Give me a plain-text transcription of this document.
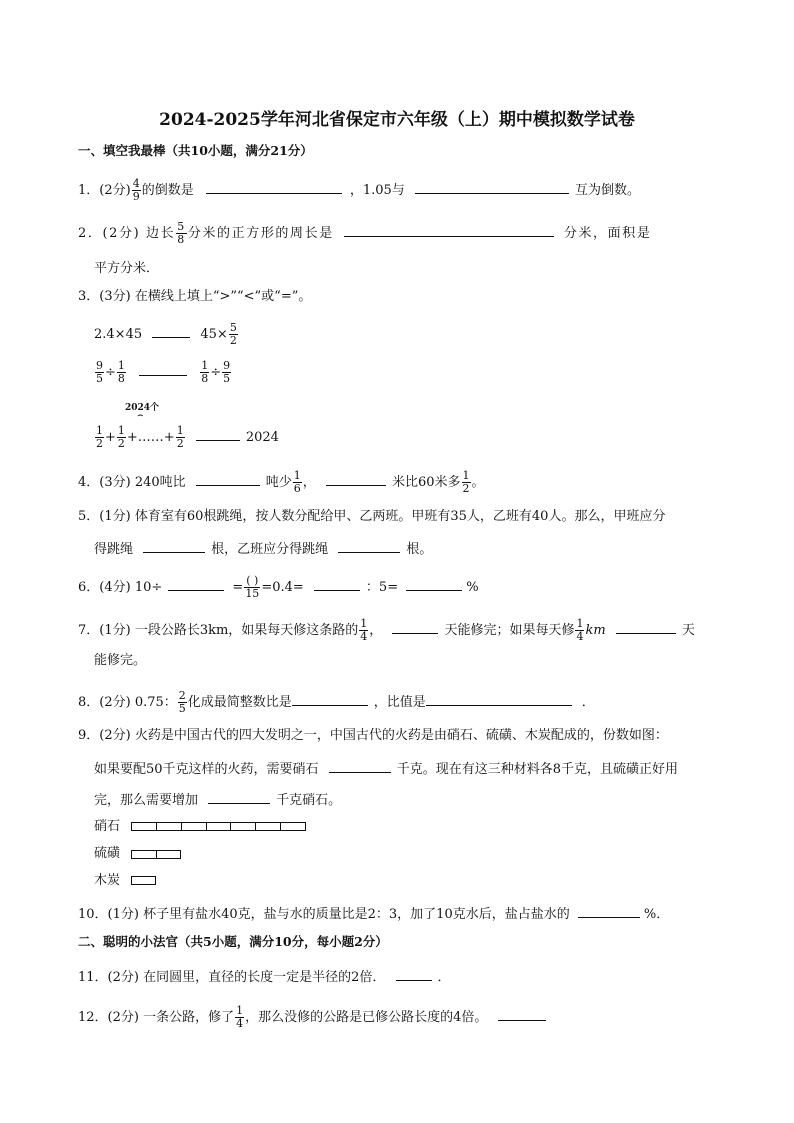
2024-2025学年河北省保定市六年级（上）期中模拟数学试卷
一、填空我最棒（共10小题，满分21分）
1．(2分) $\frac{4}{9}$ 的倒数是	，1.05与	互为倒数。
2．(2分) 边长 $\frac{5}{8}$ 分米的正方形的周长是	分米，面积是
平方分米．
3．(3分) 在横线上填上“>”“<”或“=”。
2.4×45	$45\times \frac{5}{2}$
$\frac{9}{5} \div \frac{1}{8}$
	$\frac{1}{8} \div \frac{9}{5}$
2024个
⌢
$\frac{1}{2} + \frac{1}{2}$ +……+ $\frac{1}{2}$	2024
4．(3分) 240吨比	吨少 $\frac{1}{6}$ ，	米比60米多 $\frac{1}{2}$ 。
5．(1分) 体育室有60根跳绳，按人数分配给甲、乙两班。甲班有35人，乙班有40人。那么，甲班应分
得跳绳	根，乙班应分得跳绳	根。
6．(4分) 10÷	= $\frac{( )}{15} =0.4=$	：5=	%
7．(1分) 一段公路长3km，如果每天修这条路的 $\frac{1}{4}$ ，	天能修完；如果每天修 $\frac{1}{4}$ km	天
能修完。
8．(2分) 0.75： $\frac{2}{5}$ 化成最简整数比是	，比值是	．
9．(2分) 火药是中国古代的四大发明之一，中国古代的火药是由硝石、硫磺、木炭配成的，份数如图：
如果要配50千克这样的火药，需要硝石	千克。现在有这三种材料各8千克，且硫磺正好用
完，那么需要增加	千克硝石。
硝石
硫磺
木炭
10．(1分) 杯子里有盐水40克，盐与水的质量比是2：3，加了10克水后，盐占盐水的	%．
二、聪明的小法官（共5小题，满分10分，每小题2分）
11．(2分) 在同圆里，直径的长度一定是半径的2倍．	．
12．(2分) 一条公路，修了 $\frac{1}{4}$ ，那么没修的公路是已修公路长度的4倍。
